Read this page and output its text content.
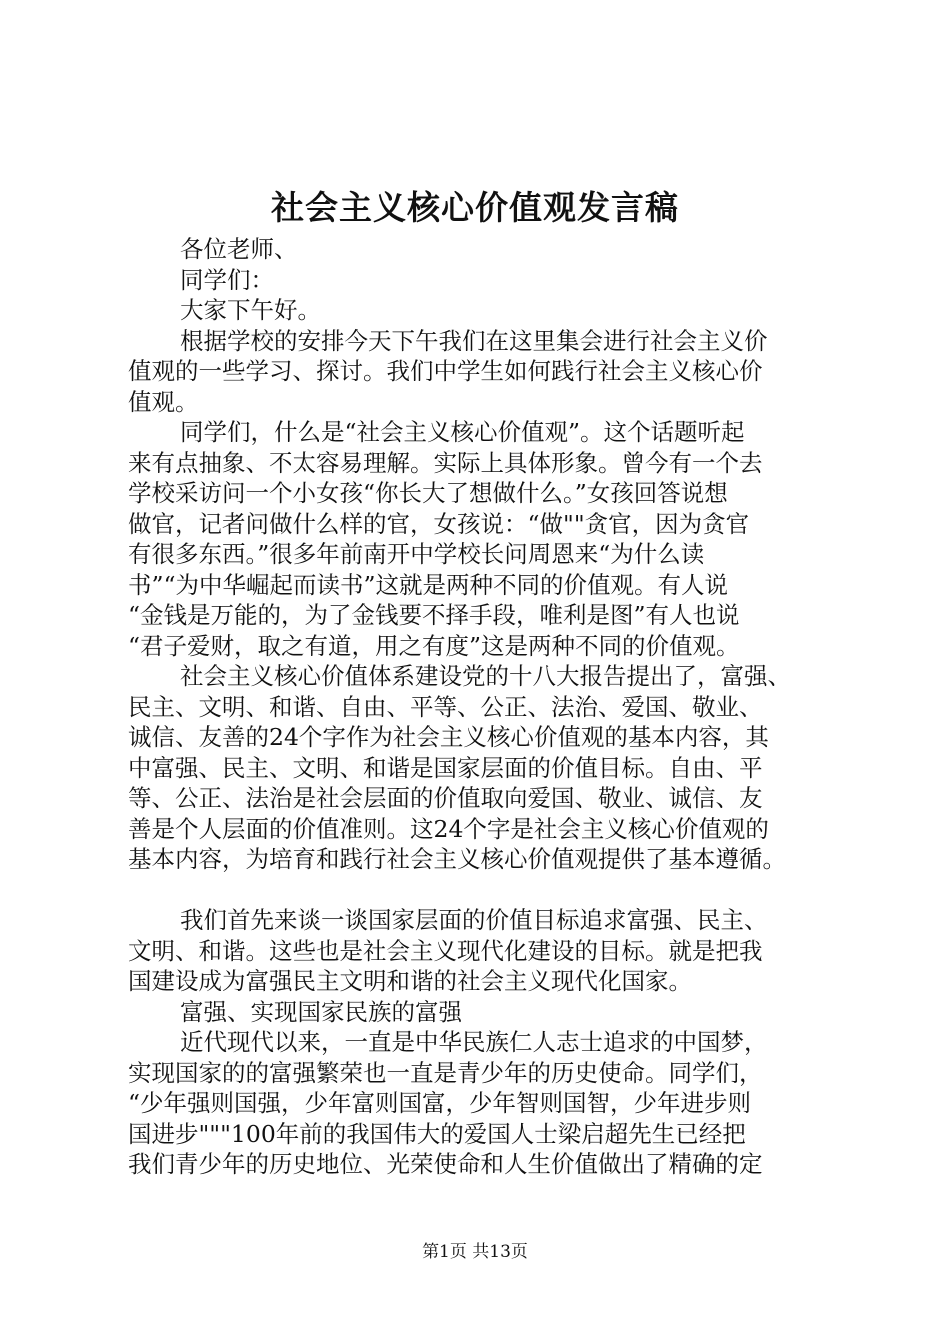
社会主义核心价值观发言稿
各位老师、
同学们：
大家下午好。
根据学校的安排今天下午我们在这里集会进行社会主义价
值观的一些学习、探讨。我们中学生如何践行社会主义核心价
值观。
同学们，什么是“社会主义核心价值观”。这个话题听起
来有点抽象、不太容易理解。实际上具体形象。曾今有一个去
学校采访问一个小女孩“你长大了想做什么。”女孩回答说想
做官，记者问做什么样的官，女孩说：“做""贪官，因为贪官
有很多东西。”很多年前南开中学校长问周恩来“为什么读
书”“为中华崛起而读书”这就是两种不同的价值观。有人说
“金钱是万能的，为了金钱要不择手段，唯利是图”有人也说
“君子爱财，取之有道，用之有度”这是两种不同的价值观。
社会主义核心价值体系建设党的十八大报告提出了，富强、
民主、文明、和谐、自由、平等、公正、法治、爱国、敬业、
诚信、友善的24个字作为社会主义核心价值观的基本内容，其
中富强、民主、文明、和谐是国家层面的价值目标。自由、平
等、公正、法治是社会层面的价值取向爱国、敬业、诚信、友
善是个人层面的价值准则。这24个字是社会主义核心价值观的
基本内容，为培育和践行社会主义核心价值观提供了基本遵循。
我们首先来谈一谈国家层面的价值目标追求富强、民主、
文明、和谐。这些也是社会主义现代化建设的目标。就是把我
国建设成为富强民主文明和谐的社会主义现代化国家。
富强、实现国家民族的富强
近代现代以来，一直是中华民族仁人志士追求的中国梦，
实现国家的的富强繁荣也一直是青少年的历史使命。同学们，
“少年强则国强，少年富则国富，少年智则国智，少年进步则
国进步"""100年前的我国伟大的爱国人士梁启超先生已经把
我们青少年的历史地位、光荣使命和人生价值做出了精确的定
第1页 共13页
